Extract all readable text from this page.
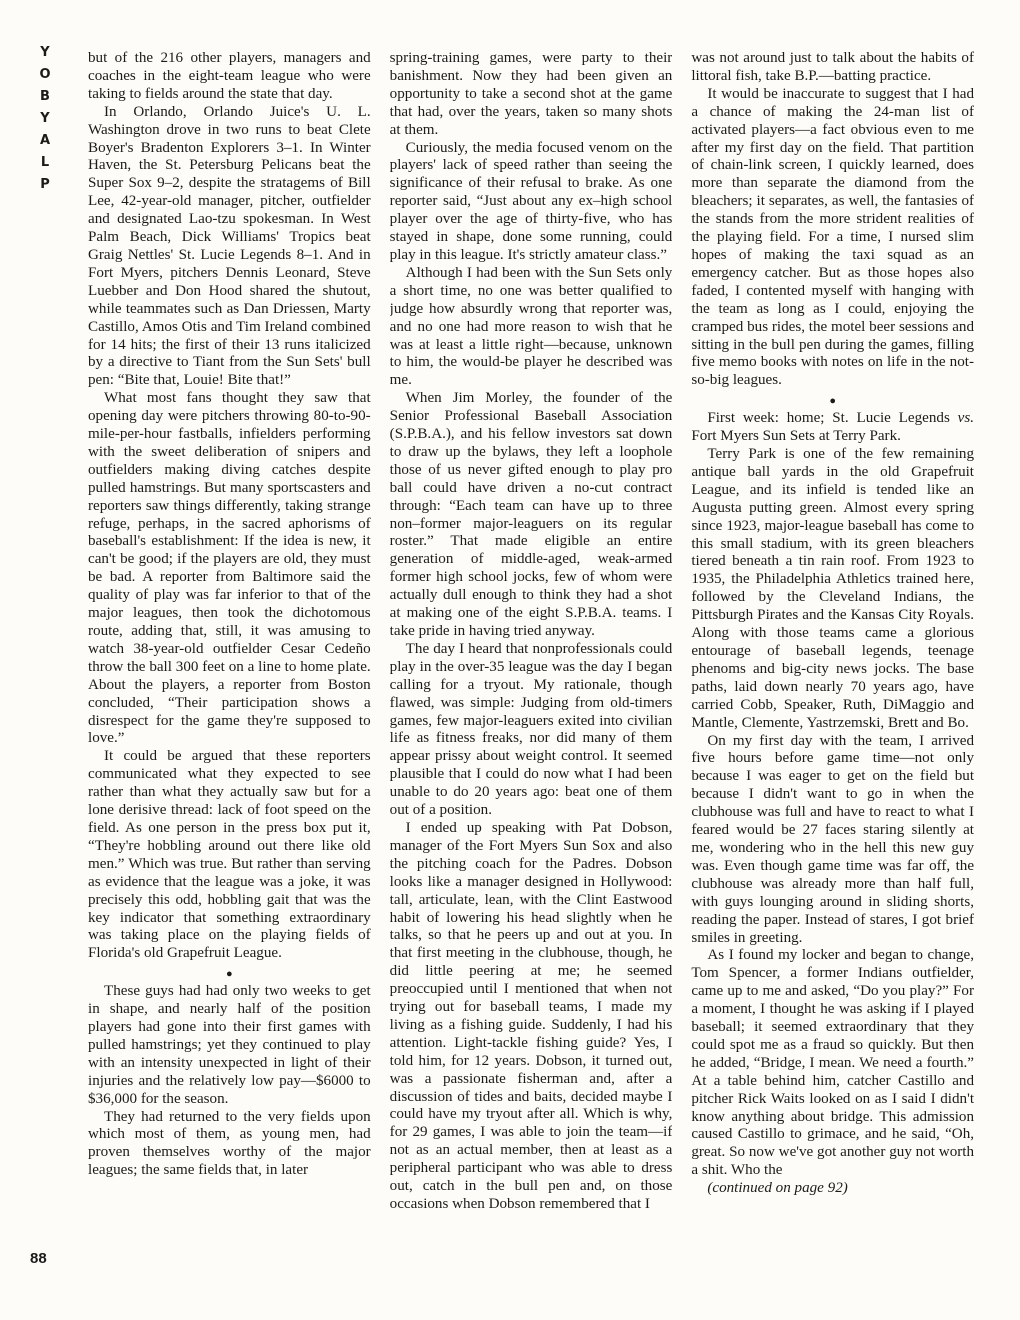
Y
O
B
Y
A
L
P
88

but of the 216 other players, managers and coaches in the eight-team league who were taking to fields around the state that day.

In Orlando, Orlando Juice's U. L. Washington drove in two runs to beat Clete Boyer's Bradenton Explorers 3–1. In Winter Haven, the St. Petersburg Pelicans beat the Super Sox 9–2, despite the stratagems of Bill Lee, 42-year-old manager, pitcher, outfielder and designated Lao-tzu spokesman. In West Palm Beach, Dick Williams' Tropics beat Graig Nettles' St. Lucie Legends 8–1. And in Fort Myers, pitchers Dennis Leonard, Steve Luebber and Don Hood shared the shutout, while teammates such as Dan Driessen, Marty Castillo, Amos Otis and Tim Ireland combined for 14 hits; the first of their 13 runs italicized by a directive to Tiant from the Sun Sets' bull pen: “Bite that, Louie! Bite that!”

What most fans thought they saw that opening day were pitchers throwing 80-to-90-mile-per-hour fastballs, infielders performing with the sweet deliberation of snipers and outfielders making diving catches despite pulled hamstrings. But many sportscasters and reporters saw things differently, taking strange refuge, perhaps, in the sacred aphorisms of baseball's establishment: If the idea is new, it can't be good; if the players are old, they must be bad. A reporter from Baltimore said the quality of play was far inferior to that of the major leagues, then took the dichotomous route, adding that, still, it was amusing to watch 38-year-old outfielder Cesar Cedeño throw the ball 300 feet on a line to home plate. About the players, a reporter from Boston concluded, “Their participation shows a disrespect for the game they're supposed to love.”

It could be argued that these reporters communicated what they expected to see rather than what they actually saw but for a lone derisive thread: lack of foot speed on the field. As one person in the press box put it, “They're hobbling around out there like old men.” Which was true. But rather than serving as evidence that the league was a joke, it was precisely this odd, hobbling gait that was the key indicator that something extraordinary was taking place on the playing fields of Florida's old Grapefruit League.

●

These guys had had only two weeks to get in shape, and nearly half of the position players had gone into their first games with pulled hamstrings; yet they continued to play with an intensity unexpected in light of their injuries and the relatively low pay—$6000 to $36,000 for the season.

They had returned to the very fields upon which most of them, as young men, had proven themselves worthy of the major leagues; the same fields that, in later

spring-training games, were party to their banishment. Now they had been given an opportunity to take a second shot at the game that had, over the years, taken so many shots at them.

Curiously, the media focused venom on the players' lack of speed rather than seeing the significance of their refusal to brake. As one reporter said, “Just about any ex–high school player over the age of thirty-five, who has stayed in shape, done some running, could play in this league. It's strictly amateur class.”

Although I had been with the Sun Sets only a short time, no one was better qualified to judge how absurdly wrong that reporter was, and no one had more reason to wish that he was at least a little right—because, unknown to him, the would-be player he described was me.

When Jim Morley, the founder of the Senior Professional Baseball Association (S.P.B.A.), and his fellow investors sat down to draw up the bylaws, they left a loophole those of us never gifted enough to play pro ball could have driven a no-cut contract through: “Each team can have up to three non–former major-leaguers on its regular roster.” That made eligible an entire generation of middle-aged, weak-armed former high school jocks, few of whom were actually dull enough to think they had a shot at making one of the eight S.P.B.A. teams. I take pride in having tried anyway.

The day I heard that nonprofessionals could play in the over-35 league was the day I began calling for a tryout. My rationale, though flawed, was simple: Judging from old-timers games, few major-leaguers exited into civilian life as fitness freaks, nor did many of them appear prissy about weight control. It seemed plausible that I could do now what I had been unable to do 20 years ago: beat one of them out of a position.

I ended up speaking with Pat Dobson, manager of the Fort Myers Sun Sox and also the pitching coach for the Padres. Dobson looks like a manager designed in Hollywood: tall, articulate, lean, with the Clint Eastwood habit of lowering his head slightly when he talks, so that he peers up and out at you. In that first meeting in the clubhouse, though, he did little peering at me; he seemed preoccupied until I mentioned that when not trying out for baseball teams, I made my living as a fishing guide. Suddenly, I had his attention. Light-tackle fishing guide? Yes, I told him, for 12 years. Dobson, it turned out, was a passionate fisherman and, after a discussion of tides and baits, decided maybe I could have my tryout after all. Which is why, for 29 games, I was able to join the team—if not as an actual member, then at least as a peripheral participant who was able to dress out, catch in the bull pen and, on those occasions when Dobson remembered that I

was not around just to talk about the habits of littoral fish, take B.P.—batting practice.

It would be inaccurate to suggest that I had a chance of making the 24-man list of activated players—a fact obvious even to me after my first day on the field. That partition of chain-link screen, I quickly learned, does more than separate the diamond from the bleachers; it separates, as well, the fantasies of the stands from the more strident realities of the playing field. For a time, I nursed slim hopes of making the taxi squad as an emergency catcher. But as those hopes also faded, I contented myself with hanging with the team as long as I could, enjoying the cramped bus rides, the motel beer sessions and sitting in the bull pen during the games, filling five memo books with notes on life in the not-so-big leagues.

●

First week: home; St. Lucie Legends vs. Fort Myers Sun Sets at Terry Park.

Terry Park is one of the few remaining antique ball yards in the old Grapefruit League, and its infield is tended like an Augusta putting green. Almost every spring since 1923, major-league baseball has come to this small stadium, with its green bleachers tiered beneath a tin rain roof. From 1923 to 1935, the Philadelphia Athletics trained here, followed by the Cleveland Indians, the Pittsburgh Pirates and the Kansas City Royals. Along with those teams came a glorious entourage of baseball legends, teenage phenoms and big-city news jocks. The base paths, laid down nearly 70 years ago, have carried Cobb, Speaker, Ruth, DiMaggio and Mantle, Clemente, Yastrzemski, Brett and Bo.

On my first day with the team, I arrived five hours before game time—not only because I was eager to get on the field but because I didn't want to go in when the clubhouse was full and have to react to what I feared would be 27 faces staring silently at me, wondering who in the hell this new guy was. Even though game time was far off, the clubhouse was already more than half full, with guys lounging around in sliding shorts, reading the paper. Instead of stares, I got brief smiles in greeting.

As I found my locker and began to change, Tom Spencer, a former Indians outfielder, came up to me and asked, “Do you play?” For a moment, I thought he was asking if I played baseball; it seemed extraordinary that they could spot me as a fraud so quickly. But then he added, “Bridge, I mean. We need a fourth.” At a table behind him, catcher Castillo and pitcher Rick Waits looked on as I said I didn't know anything about bridge. This admission caused Castillo to grimace, and he said, “Oh, great. So now we've got another guy not worth a shit. Who the

(continued on page 92)
